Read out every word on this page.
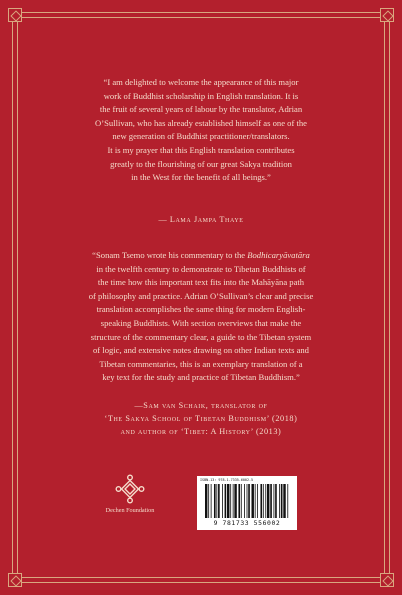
“I am delighted to welcome the appearance of this major
work of Buddhist scholarship in English translation. It is
the fruit of several years of labour by the translator, Adrian
O’Sullivan, who has already established himself as one of the
new generation of Buddhist practitioner/translators.
It is my prayer that this English translation contributes
greatly to the flourishing of our great Sakya tradition
in the West for the benefit of all beings.”
— Lama Jampa Thaye
“Sonam Tsemo wrote his commentary to the Bodhicaryāvatāra
in the twelfth century to demonstrate to Tibetan Buddhists of
the time how this important text fits into the Mahāyāna path
of philosophy and practice. Adrian O’Sullivan’s clear and precise
translation accomplishes the same thing for modern English-
speaking Buddhists. With section overviews that make the
structure of the commentary clear, a guide to the Tibetan system
of logic, and extensive notes drawing on other Indian texts and
Tibetan commentaries, this is an exemplary translation of a
key text for the study and practice of Tibetan Buddhism.”
—Sam van Schaik, translator of
‘The Sakya School of Tibetan Buddhism’ (2018)
and author of ‘Tibet: A History’ (2013)
Dechen Foundation
ISBN-13: 978-1-7335-6002-5
9 781733 556002
